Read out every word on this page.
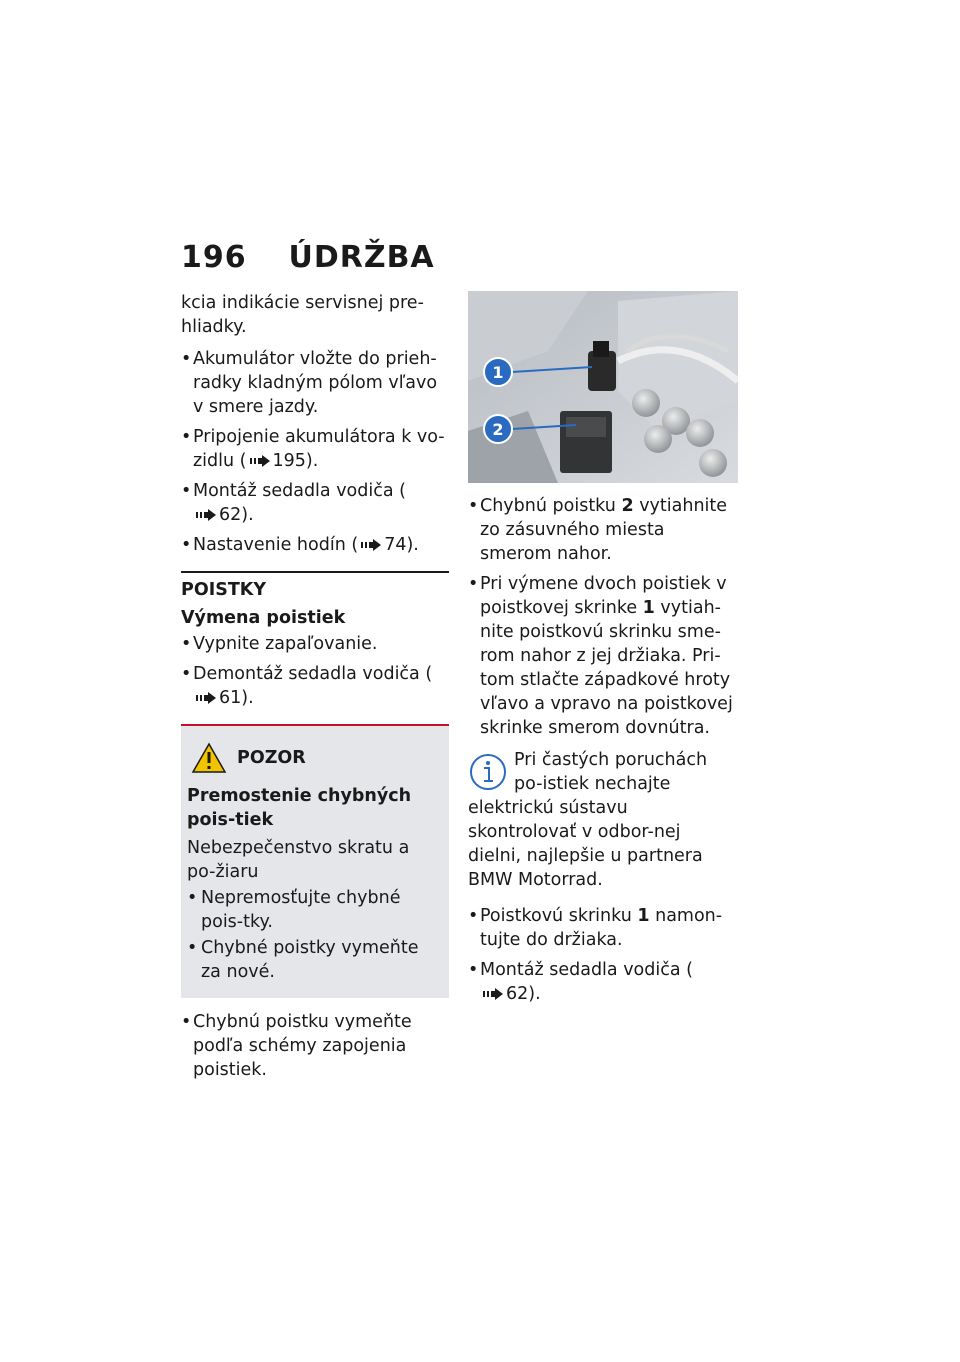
196 ÚDRŽBA

kcia indikácie servisnej pre-hliadky.

• Akumulátor vložte do prieh-radky kladným pólom vľavo v smere jazdy.
• Pripojenie akumulátora k vo-zidlu ( 195).
• Montáž sedadla vodiča (62).
• Nastavenie hodín ( 74).
POISTKY
Výmena poistiek
• Vypnite zapaľovanie.
• Demontáž sedadla vodiča (61).
POZOR
Premostenie chybných pois-tiek

Nebezpečenstvo skratu a po-žiaru

• Nepremosťujte chybné pois-tky.
• Chybné poistky vymeňte za nové.
• Chybnú poistku vymeňte podľa schémy zapojenia poistiek.
1
2
• Chybnú poistku 2 vytiahnite zo zásuvného miesta smerom nahor.
• Pri výmene dvoch poistiek v poistkovej skrinke 1 vytiah-nite poistkovú skrinku sme-rom nahor z jej držiaka. Pri-tom stlačte západkové hroty vľavo a vpravo na poistkovej skrinke smerom dovnútra.
Pri častých poruchách po-istiek nechajte elektrickú sústavu skontrolovať v odbor-nej dielni, najlepšie u partnera BMW Motorrad.
• Poistkovú skrinku 1 namon-tujte do držiaka.
• Montáž sedadla vodiča (62).
